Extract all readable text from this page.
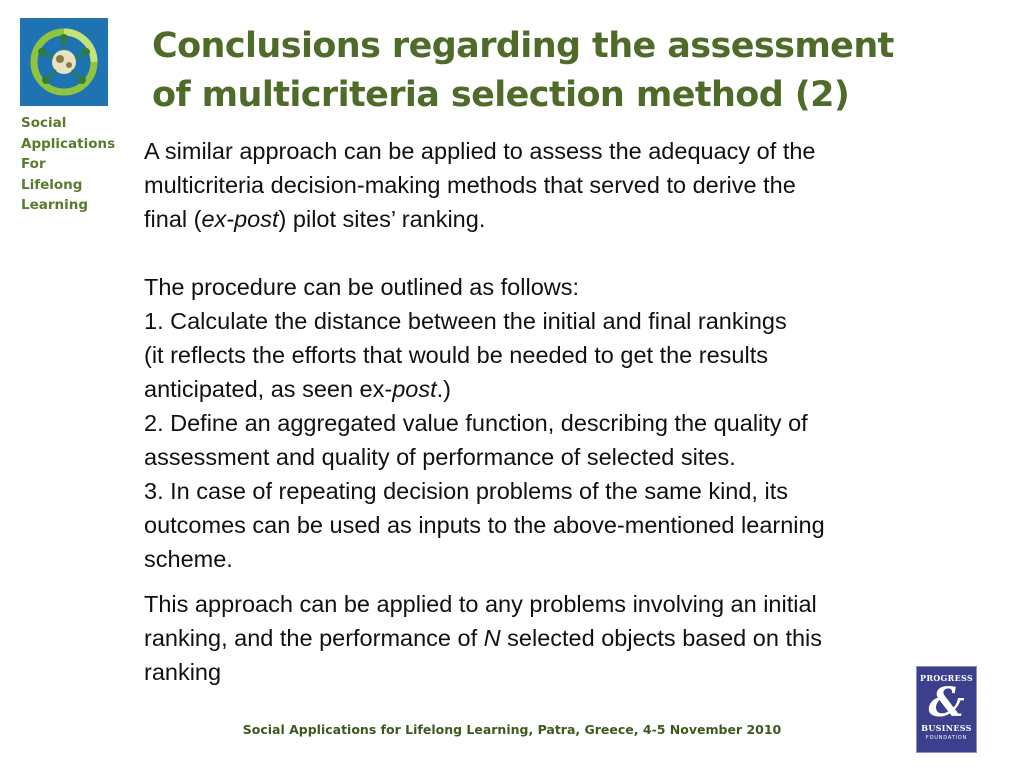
Social
Applications
For
Lifelong
Learning
Conclusions regarding the assessment
of multicriteria selection method (2)
A similar approach can be applied to assess the adequacy of the
multicriteria decision-making methods that served to derive the
final (ex-post) pilot sites’ ranking.
The procedure can be outlined as follows:
1. Calculate the distance between the initial and final rankings
(it reflects the efforts that would be needed to get the results
anticipated, as seen ex-post.)
2. Define an aggregated value function, describing the quality of
assessment and quality of performance of selected sites.
3. In case of repeating decision problems of the same kind, its
outcomes can be used as inputs to the above-mentioned learning
scheme.
This approach can be applied to any problems involving an initial
ranking, and the performance of N selected objects based on this
ranking	PROGRESS
&
BUSINESS
FOUNDATION
Social Applications for Lifelong Learning, Patra, Greece, 4-5 November 2010
